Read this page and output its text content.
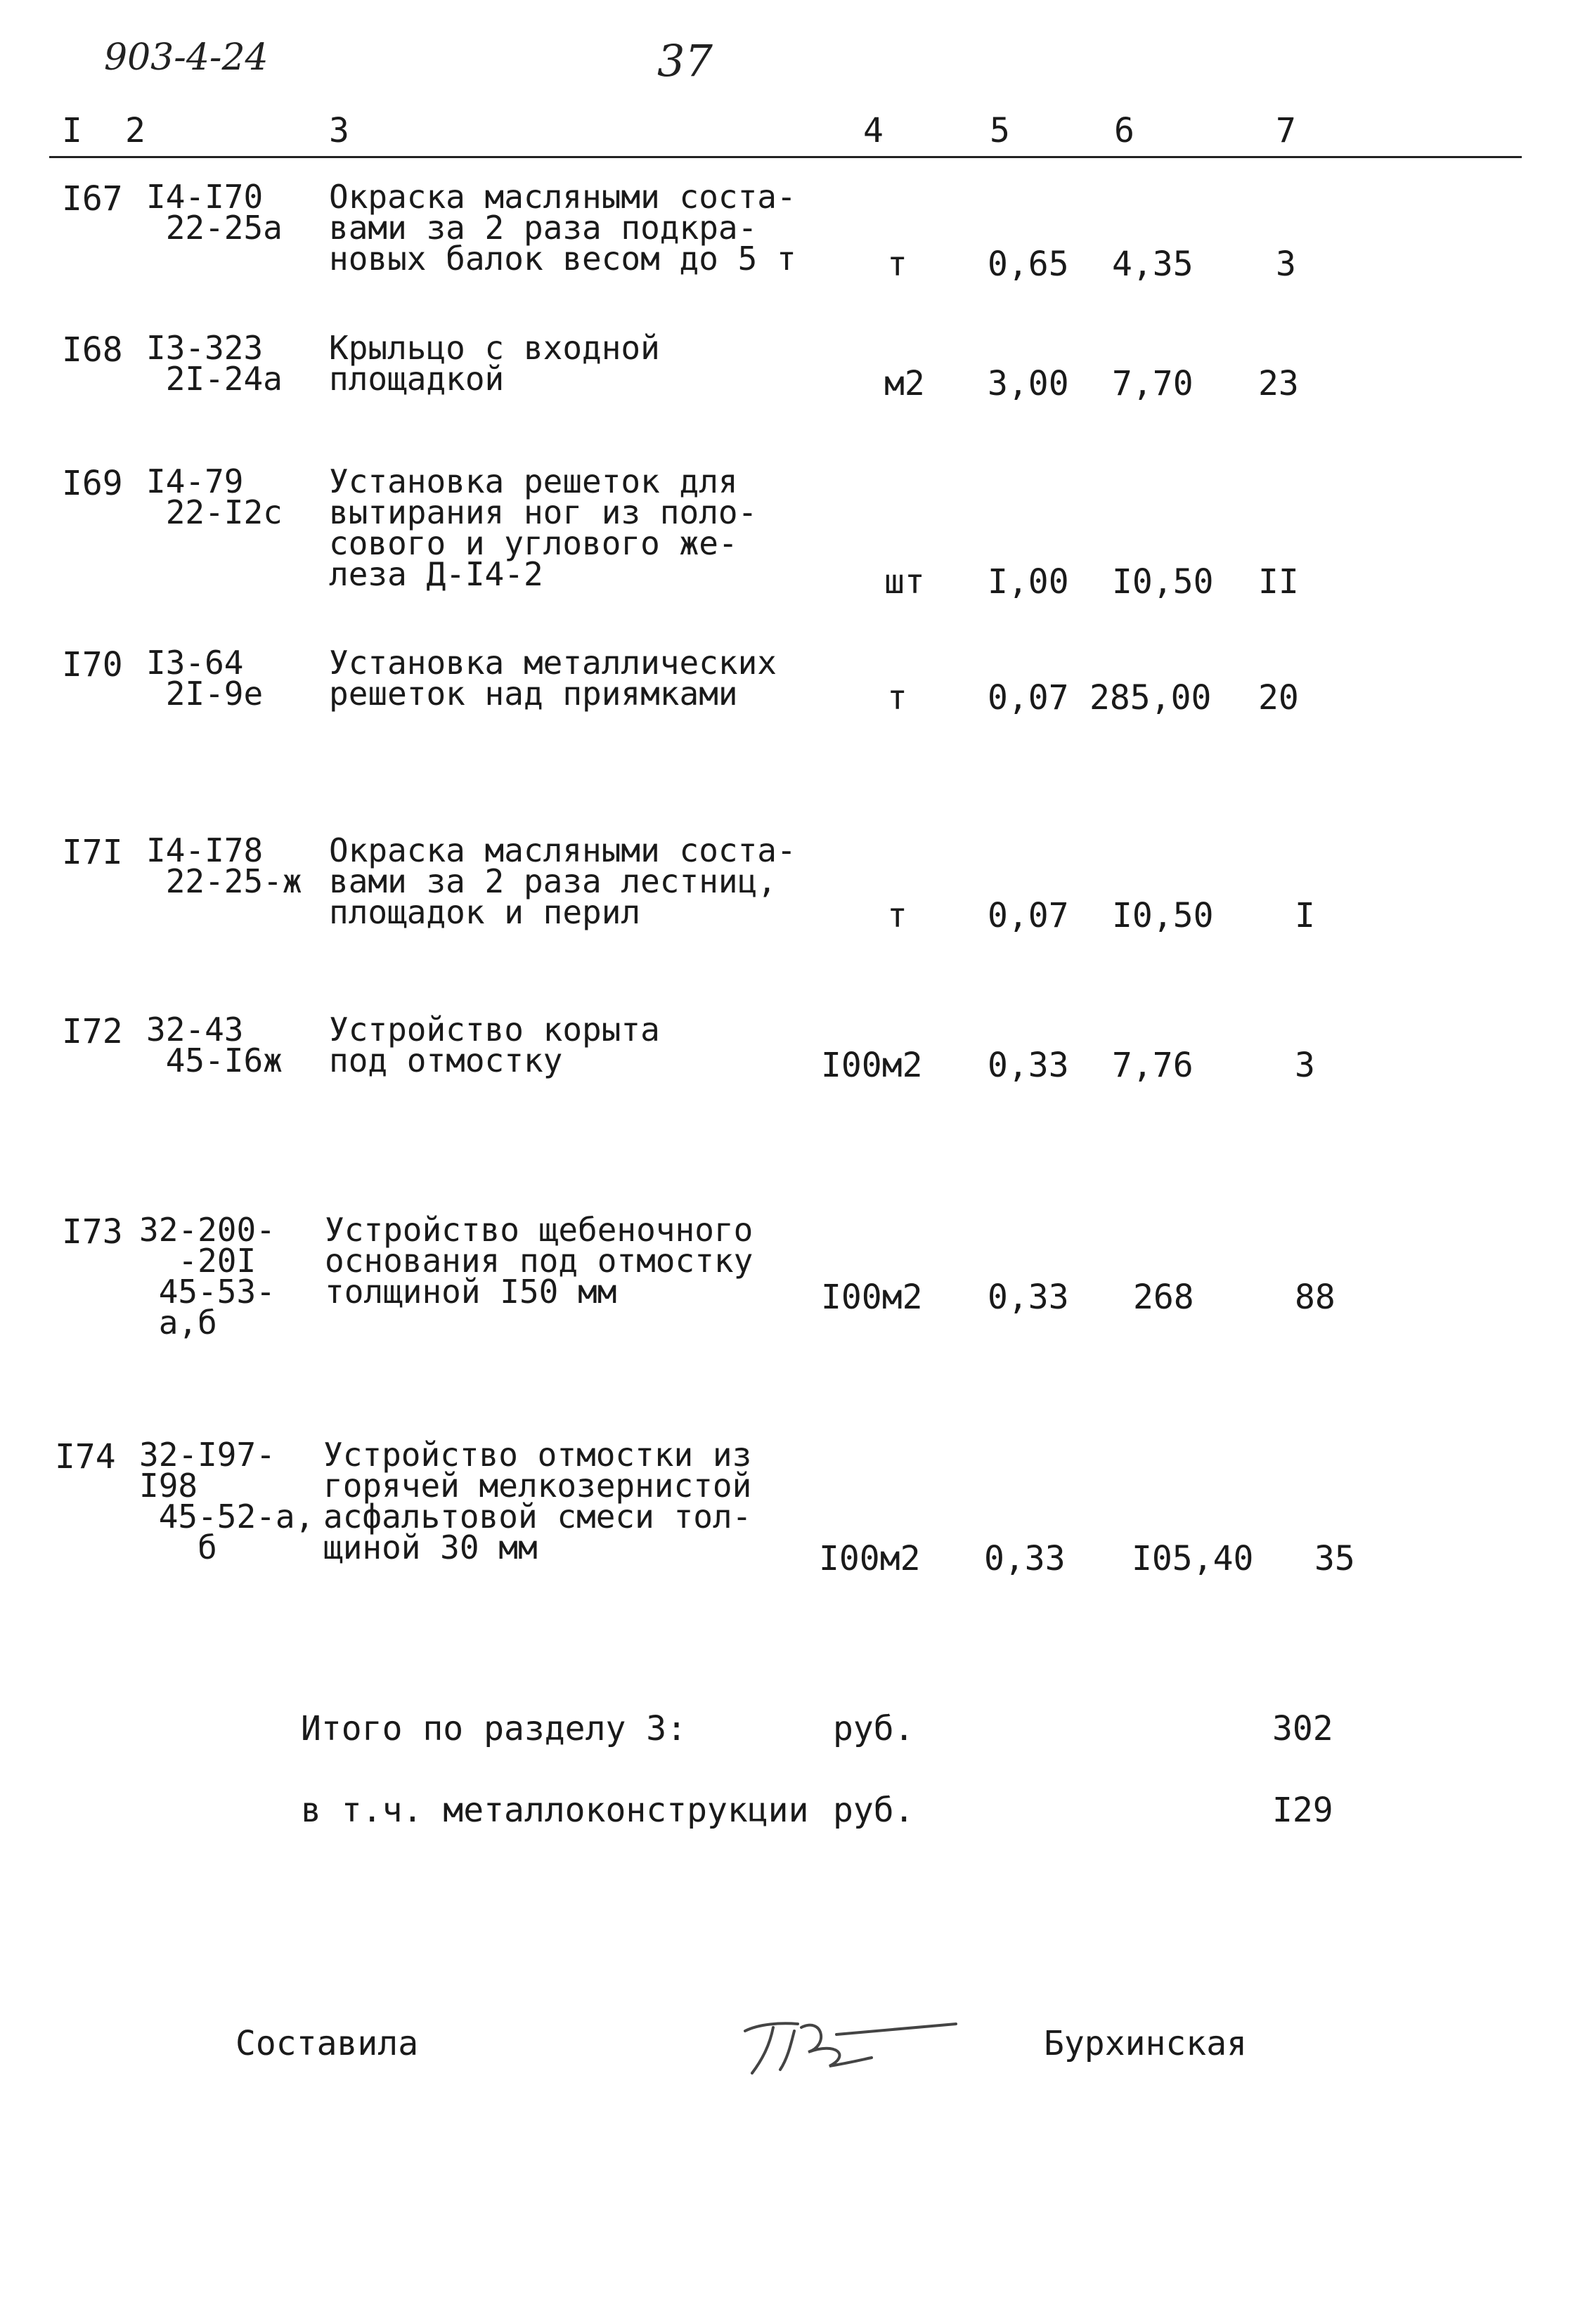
903-4-24	37
I 2	3	4	5	6	7
I67 I4-I70
22-25а
Окраска масляными соста-
вами за 2 раза подкра-
новых балок весом до 5 т	т 0,65 4,35 3
I68 I3-323
2I-24а
Крыльцо с входной
площадкой	м2 3,00 7,70 23
I69 I4-79
22-I2с
Установка решеток для
вытирания ног из поло-
сового и углового же-
леза Д-I4-2	шт I,00 I0,50 II
I70 I3-64
2I-9е
Установка металлических
решеток над приямками	т 0,07 285,00 20
I7I I4-I78
22-25-ж
Окраска масляными соста-
вами за 2 раза лестниц,
площадок и перил	т 0,07 I0,50 I
I72 32-43
45-I6ж
Устройство корыта
под отмостку	I00м2 0,33 7,76	3
I73 32-200-
-20I
45-53-
а,б
Устройство щебеночного
основания под отмостку
толщиной I50 мм	I00м2 0,33 268	88
I74 32-I97-
I98
45-52-а,
б
Устройство отмостки из
горячей мелкозернистой
асфальтовой смеси тол-
щиной 30 мм	I00м2 0,33 I05,40 35
Итого по разделу 3:	руб.	302
в т.ч. металлоконструкции руб.	I29
Составила	Бурхинская
